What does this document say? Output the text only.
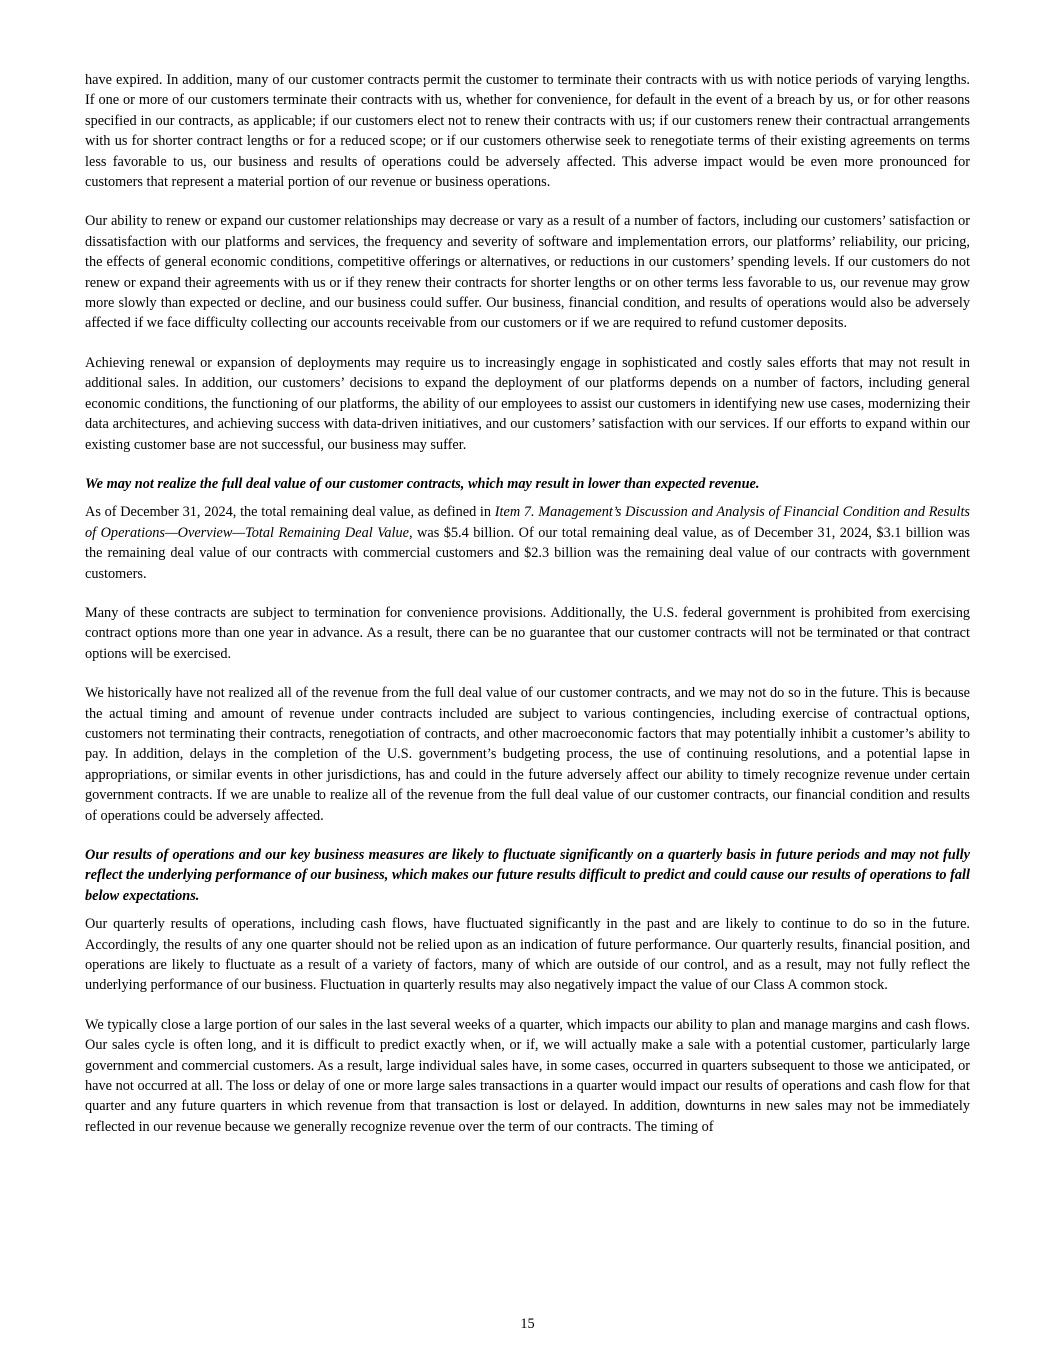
have expired. In addition, many of our customer contracts permit the customer to terminate their contracts with us with notice periods of varying lengths. If one or more of our customers terminate their contracts with us, whether for convenience, for default in the event of a breach by us, or for other reasons specified in our contracts, as applicable; if our customers elect not to renew their contracts with us; if our customers renew their contractual arrangements with us for shorter contract lengths or for a reduced scope; or if our customers otherwise seek to renegotiate terms of their existing agreements on terms less favorable to us, our business and results of operations could be adversely affected. This adverse impact would be even more pronounced for customers that represent a material portion of our revenue or business operations.

Our ability to renew or expand our customer relationships may decrease or vary as a result of a number of factors, including our customers’ satisfaction or dissatisfaction with our platforms and services, the frequency and severity of software and implementation errors, our platforms’ reliability, our pricing, the effects of general economic conditions, competitive offerings or alternatives, or reductions in our customers’ spending levels. If our customers do not renew or expand their agreements with us or if they renew their contracts for shorter lengths or on other terms less favorable to us, our revenue may grow more slowly than expected or decline, and our business could suffer. Our business, financial condition, and results of operations would also be adversely affected if we face difficulty collecting our accounts receivable from our customers or if we are required to refund customer deposits.

Achieving renewal or expansion of deployments may require us to increasingly engage in sophisticated and costly sales efforts that may not result in additional sales. In addition, our customers’ decisions to expand the deployment of our platforms depends on a number of factors, including general economic conditions, the functioning of our platforms, the ability of our employees to assist our customers in identifying new use cases, modernizing their data architectures, and achieving success with data-driven initiatives, and our customers’ satisfaction with our services. If our efforts to expand within our existing customer base are not successful, our business may suffer.

We may not realize the full deal value of our customer contracts, which may result in lower than expected revenue.

As of December 31, 2024, the total remaining deal value, as defined in Item 7. Management’s Discussion and Analysis of Financial Condition and Results of Operations—Overview—Total Remaining Deal Value, was $5.4 billion. Of our total remaining deal value, as of December 31, 2024, $3.1 billion was the remaining deal value of our contracts with commercial customers and $2.3 billion was the remaining deal value of our contracts with government customers.

Many of these contracts are subject to termination for convenience provisions. Additionally, the U.S. federal government is prohibited from exercising contract options more than one year in advance. As a result, there can be no guarantee that our customer contracts will not be terminated or that contract options will be exercised.

We historically have not realized all of the revenue from the full deal value of our customer contracts, and we may not do so in the future. This is because the actual timing and amount of revenue under contracts included are subject to various contingencies, including exercise of contractual options, customers not terminating their contracts, renegotiation of contracts, and other macroeconomic factors that may potentially inhibit a customer’s ability to pay. In addition, delays in the completion of the U.S. government’s budgeting process, the use of continuing resolutions, and a potential lapse in appropriations, or similar events in other jurisdictions, has and could in the future adversely affect our ability to timely recognize revenue under certain government contracts. If we are unable to realize all of the revenue from the full deal value of our customer contracts, our financial condition and results of operations could be adversely affected.

Our results of operations and our key business measures are likely to fluctuate significantly on a quarterly basis in future periods and may not fully reflect the underlying performance of our business, which makes our future results difficult to predict and could cause our results of operations to fall below expectations.

Our quarterly results of operations, including cash flows, have fluctuated significantly in the past and are likely to continue to do so in the future. Accordingly, the results of any one quarter should not be relied upon as an indication of future performance. Our quarterly results, financial position, and operations are likely to fluctuate as a result of a variety of factors, many of which are outside of our control, and as a result, may not fully reflect the underlying performance of our business. Fluctuation in quarterly results may also negatively impact the value of our Class A common stock.

We typically close a large portion of our sales in the last several weeks of a quarter, which impacts our ability to plan and manage margins and cash flows. Our sales cycle is often long, and it is difficult to predict exactly when, or if, we will actually make a sale with a potential customer, particularly large government and commercial customers. As a result, large individual sales have, in some cases, occurred in quarters subsequent to those we anticipated, or have not occurred at all. The loss or delay of one or more large sales transactions in a quarter would impact our results of operations and cash flow for that quarter and any future quarters in which revenue from that transaction is lost or delayed. In addition, downturns in new sales may not be immediately reflected in our revenue because we generally recognize revenue over the term of our contracts. The timing of

15
